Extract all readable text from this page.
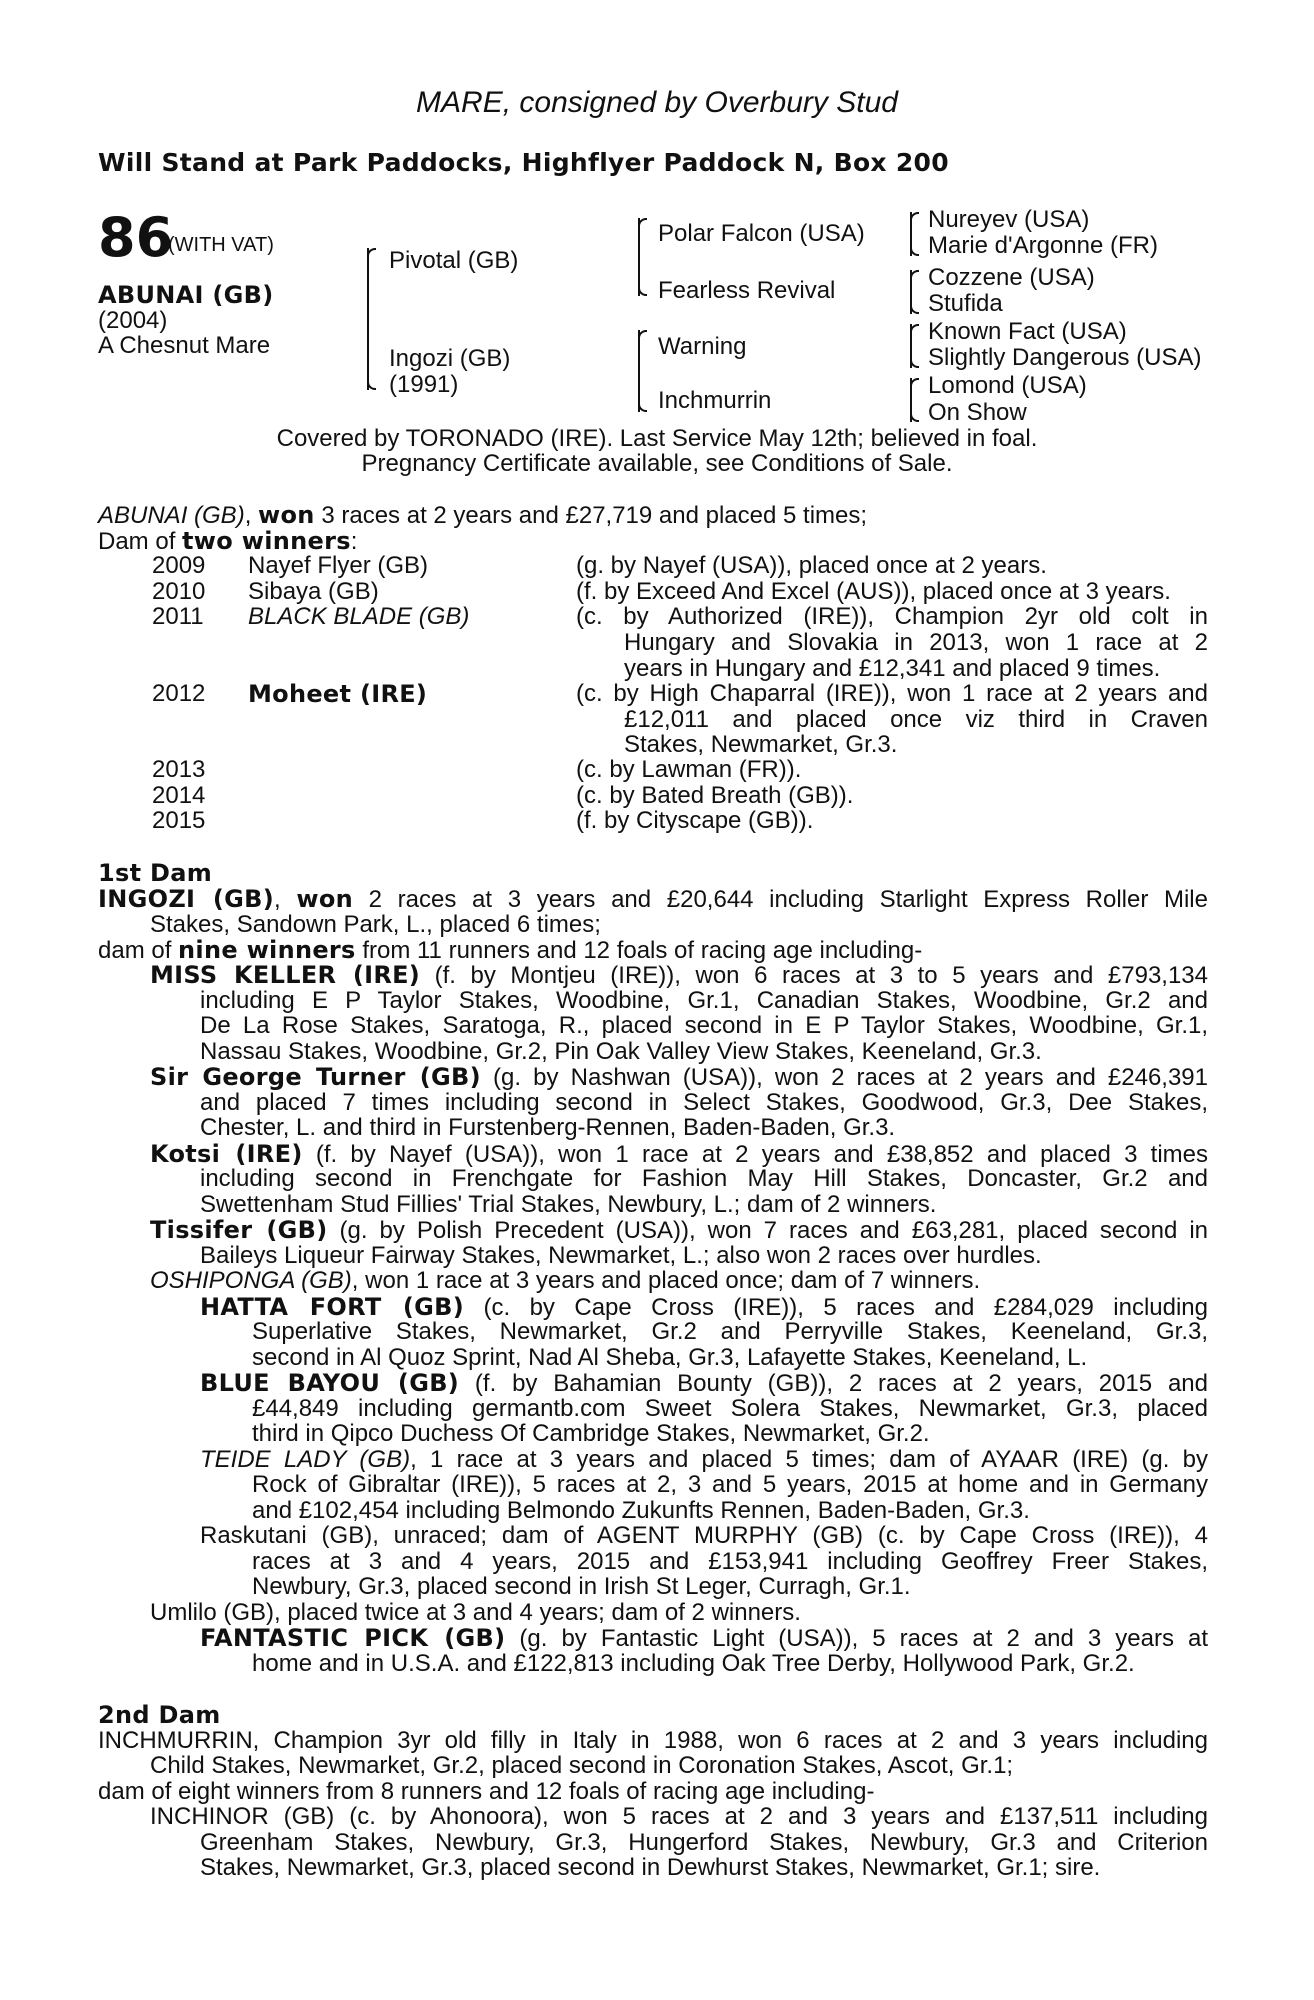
MARE, consigned by Overbury Stud
Will Stand at Park Paddocks, Highflyer Paddock N, Box 200
86
(WITH VAT)
ABUNAI (GB)
(2004)
A Chesnut Mare
Pivotal (GB)
Ingozi (GB)
(1991)
Polar Falcon (USA)
Fearless Revival
Warning
Inchmurrin
Nureyev (USA)
Marie d'Argonne (FR)
Cozzene (USA)
Stufida
Known Fact (USA)
Slightly Dangerous (USA)
Lomond (USA)
On Show
Covered by TORONADO (IRE). Last Service May 12th; believed in foal.
Pregnancy Certificate available, see Conditions of Sale.
ABUNAI (GB), won 3 races at 2 years and £27,719 and placed 5 times;
Dam of two winners:
2009 Nayef Flyer (GB)	(g. by Nayef (USA)), placed once at 2 years.
2010 Sibaya (GB)	(f. by Exceed And Excel (AUS)), placed once at 3 years.
2011 BLACK BLADE (GB)	(c. by Authorized (IRE)), Champion 2yr old colt in
Hungary and Slovakia in 2013, won 1 race at 2
years in Hungary and £12,341 and placed 9 times.
2012 Moheet (IRE)	(c. by High Chaparral (IRE)), won 1 race at 2 years and
£12,011 and placed once viz third in Craven
Stakes, Newmarket, Gr.3.
2013	(c. by Lawman (FR)).
2014	(c. by Bated Breath (GB)).
2015	(f. by Cityscape (GB)).
1st Dam
INGOZI (GB), won 2 races at 3 years and £20,644 including Starlight Express Roller Mile
Stakes, Sandown Park, L., placed 6 times;
dam of nine winners from 11 runners and 12 foals of racing age including-
MISS KELLER (IRE) (f. by Montjeu (IRE)), won 6 races at 3 to 5 years and £793,134
including E P Taylor Stakes, Woodbine, Gr.1, Canadian Stakes, Woodbine, Gr.2 and
De La Rose Stakes, Saratoga, R., placed second in E P Taylor Stakes, Woodbine, Gr.1,
Nassau Stakes, Woodbine, Gr.2, Pin Oak Valley View Stakes, Keeneland, Gr.3.
Sir George Turner (GB) (g. by Nashwan (USA)), won 2 races at 2 years and £246,391
and placed 7 times including second in Select Stakes, Goodwood, Gr.3, Dee Stakes,
Chester, L. and third in Furstenberg-Rennen, Baden-Baden, Gr.3.
Kotsi (IRE) (f. by Nayef (USA)), won 1 race at 2 years and £38,852 and placed 3 times
including second in Frenchgate for Fashion May Hill Stakes, Doncaster, Gr.2 and
Swettenham Stud Fillies' Trial Stakes, Newbury, L.; dam of 2 winners.
Tissifer (GB) (g. by Polish Precedent (USA)), won 7 races and £63,281, placed second in
Baileys Liqueur Fairway Stakes, Newmarket, L.; also won 2 races over hurdles.
OSHIPONGA (GB), won 1 race at 3 years and placed once; dam of 7 winners.
HATTA FORT (GB) (c. by Cape Cross (IRE)), 5 races and £284,029 including
Superlative Stakes, Newmarket, Gr.2 and Perryville Stakes, Keeneland, Gr.3,
second in Al Quoz Sprint, Nad Al Sheba, Gr.3, Lafayette Stakes, Keeneland, L.
BLUE BAYOU (GB) (f. by Bahamian Bounty (GB)), 2 races at 2 years, 2015 and
£44,849 including germantb.com Sweet Solera Stakes, Newmarket, Gr.3, placed
third in Qipco Duchess Of Cambridge Stakes, Newmarket, Gr.2.
TEIDE LADY (GB), 1 race at 3 years and placed 5 times; dam of AYAAR (IRE) (g. by
Rock of Gibraltar (IRE)), 5 races at 2, 3 and 5 years, 2015 at home and in Germany
and £102,454 including Belmondo Zukunfts Rennen, Baden-Baden, Gr.3.
Raskutani (GB), unraced; dam of AGENT MURPHY (GB) (c. by Cape Cross (IRE)), 4
races at 3 and 4 years, 2015 and £153,941 including Geoffrey Freer Stakes,
Newbury, Gr.3, placed second in Irish St Leger, Curragh, Gr.1.
Umlilo (GB), placed twice at 3 and 4 years; dam of 2 winners.
FANTASTIC PICK (GB) (g. by Fantastic Light (USA)), 5 races at 2 and 3 years at
home and in U.S.A. and £122,813 including Oak Tree Derby, Hollywood Park, Gr.2.
2nd Dam
INCHMURRIN, Champion 3yr old filly in Italy in 1988, won 6 races at 2 and 3 years including
Child Stakes, Newmarket, Gr.2, placed second in Coronation Stakes, Ascot, Gr.1;
dam of eight winners from 8 runners and 12 foals of racing age including-
INCHINOR (GB) (c. by Ahonoora), won 5 races at 2 and 3 years and £137,511 including
Greenham Stakes, Newbury, Gr.3, Hungerford Stakes, Newbury, Gr.3 and Criterion
Stakes, Newmarket, Gr.3, placed second in Dewhurst Stakes, Newmarket, Gr.1; sire.
